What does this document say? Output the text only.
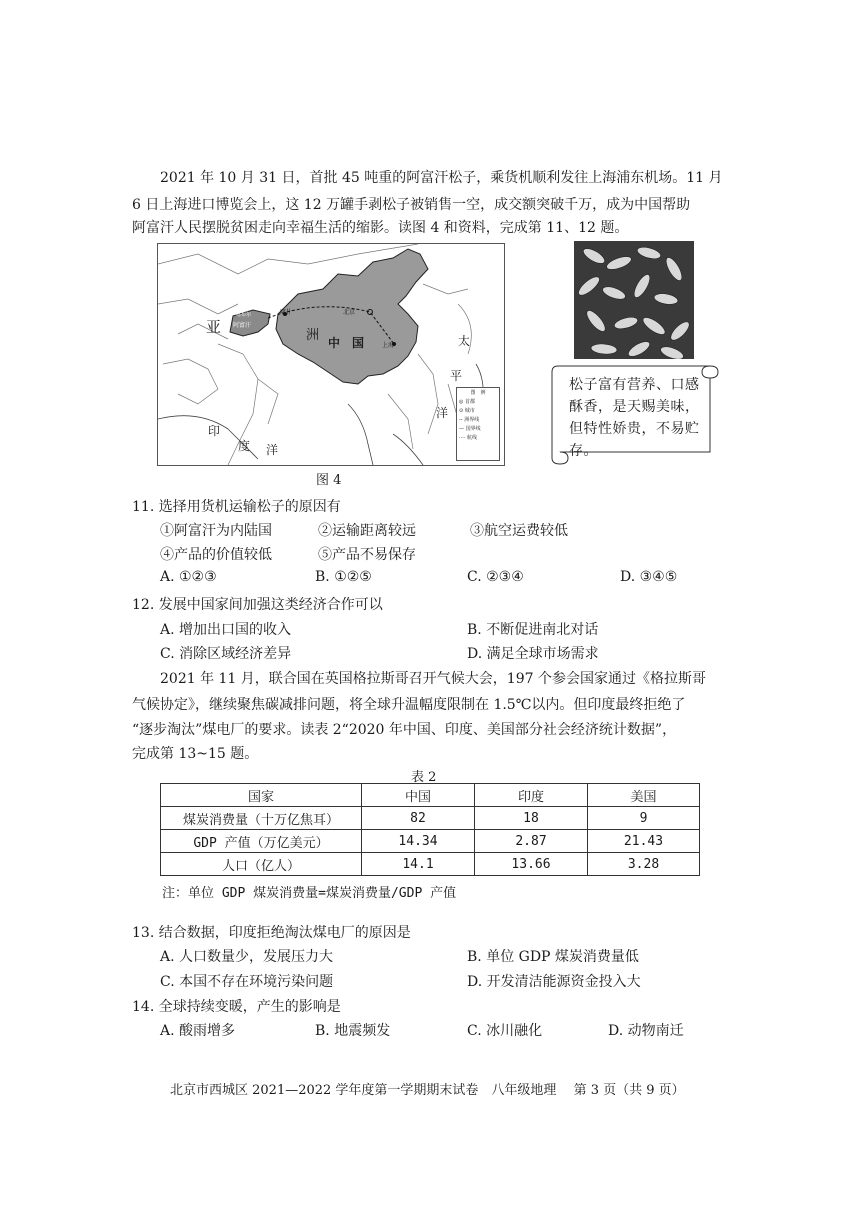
2021 年 10 月 31 日，首批 45 吨重的阿富汗松子，乘货机顺利发往上海浦东机场。11 月
6 日上海进口博览会上，这 12 万罐手剥松子被销售一空，成交额突破千万，成为中国帮助
阿富汗人民摆脱贫困走向幸福生活的缩影。读图 4 和资料，完成第 11、12 题。
亚	洲 中　国
北京
上海
喀什
阿富汗
喀布尔
太
平
洋
印
度 洋
图　例
◎ 首都
⊙ 城市
-- 洲界线
— 国界线
···· 航线
图 4
松子富有营养、口感酥香，是天赐美味，但特性娇贵，不易贮存。
11. 选择用货机运输松子的原因有
①阿富汗为内陆国	②运输距离较远	③航空运费较低
④产品的价值较低	⑤产品不易保存
A. ①②③	B. ①②⑤	C. ②③④	D. ③④⑤
12. 发展中国家间加强这类经济合作可以
A. 增加出口国的收入	B. 不断促进南北对话
C. 消除区域经济差异	D. 满足全球市场需求
2021 年 11 月，联合国在英国格拉斯哥召开气候大会，197 个参会国家通过《格拉斯哥
气候协定》，继续聚焦碳减排问题，将全球升温幅度限制在 1.5℃以内。但印度最终拒绝了
“逐步淘汰”煤电厂的要求。读表 2“2020 年中国、印度、美国部分社会经济统计数据”，
完成第 13~15 题。
表 2
国家	中国	印度	美国
煤炭消费量（十万亿焦耳）	82	18	9
GDP 产值（万亿美元）	14.34	2.87	21.43
人口（亿人）	14.1	13.66	3.28
注：单位 GDP 煤炭消费量=煤炭消费量/GDP 产值
13. 结合数据，印度拒绝淘汰煤电厂的原因是
A. 人口数量少，发展压力大	B. 单位 GDP 煤炭消费量低
C. 本国不存在环境污染问题	D. 开发清洁能源资金投入大
14. 全球持续变暖，产生的影响是
A. 酸雨增多	B. 地震频发	C. 冰川融化	D. 动物南迁
北京市西城区 2021—2022 学年度第一学期期末试卷　八年级地理　 第 3 页（共 9 页）
